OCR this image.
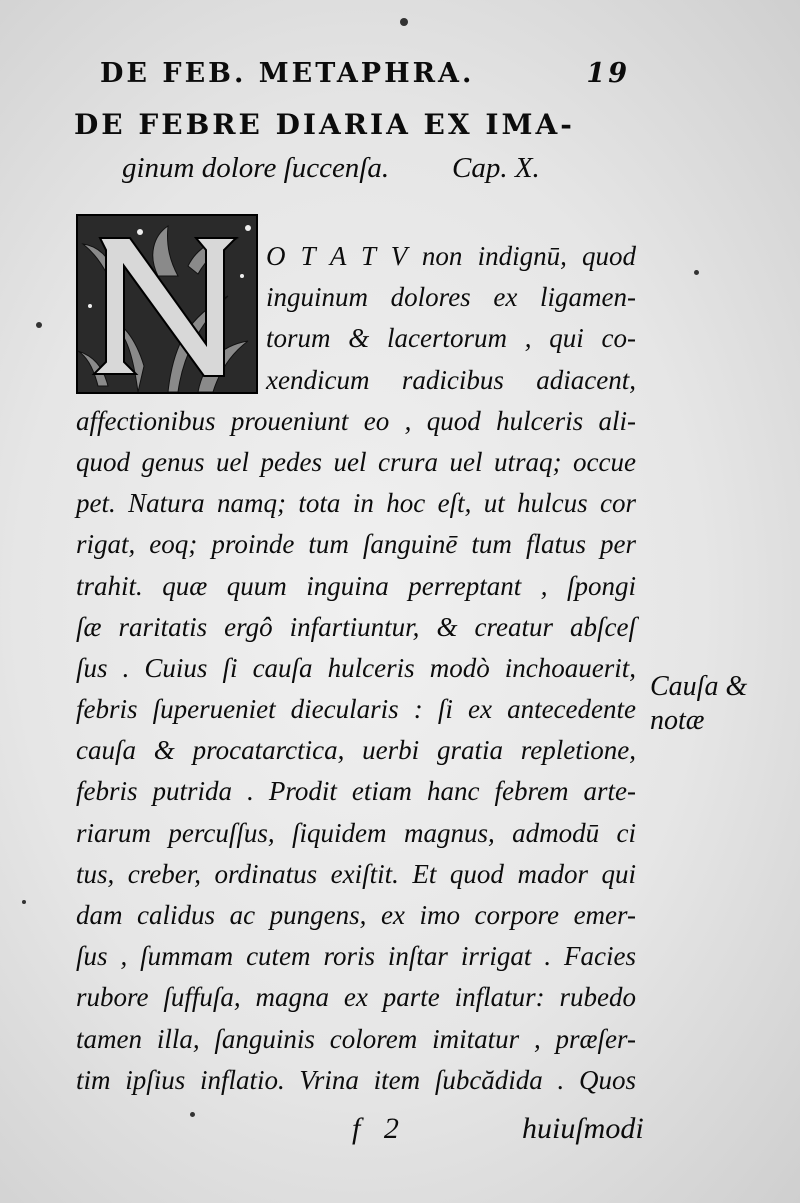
DE FEB. METAPHRA.	19
DE FEBRE DIARIA EX IMA-
ginum dolore ſuccenſa. Cap. X.
O T A T V non indignū, quod
inguinum dolores ex ligamen-
torum & lacertorum , qui co-
xendicum radicibus adiacent,
affectionibus proueniunt eo , quod hulceris ali-
quod genus uel pedes uel crura uel utraq; occue
pet. Natura namq; tota in hoc eſt, ut hulcus cor
rigat, eoq; proinde tum ſanguinē tum flatus per
trahit. quæ quum inguina perreptant , ſpongi
ſæ raritatis ergô infartiuntur, & creatur abſceſ
ſus . Cuius ſi cauſa hulceris modò inchoauerit,
febris ſuperueniet diecularis : ſi ex antecedente
cauſa & procatarctica, uerbi gratia repletione,
febris putrida . Prodit etiam hanc febrem arte-
riarum percuſſus, ſiquidem magnus, admodū ci
tus, creber, ordinatus exiſtit. Et quod mador qui
dam calidus ac pungens, ex imo corpore emer-
ſus , ſummam cutem roris inſtar irrigat . Facies
rubore ſuffuſa, magna ex parte inflatur: rubedo
tamen illa, ſanguinis colorem imitatur , præſer-
tim ipſius inflatio. Vrina item ſubcădida . Quos
Cauſa &
notæ
f 2	huiuſmodi
